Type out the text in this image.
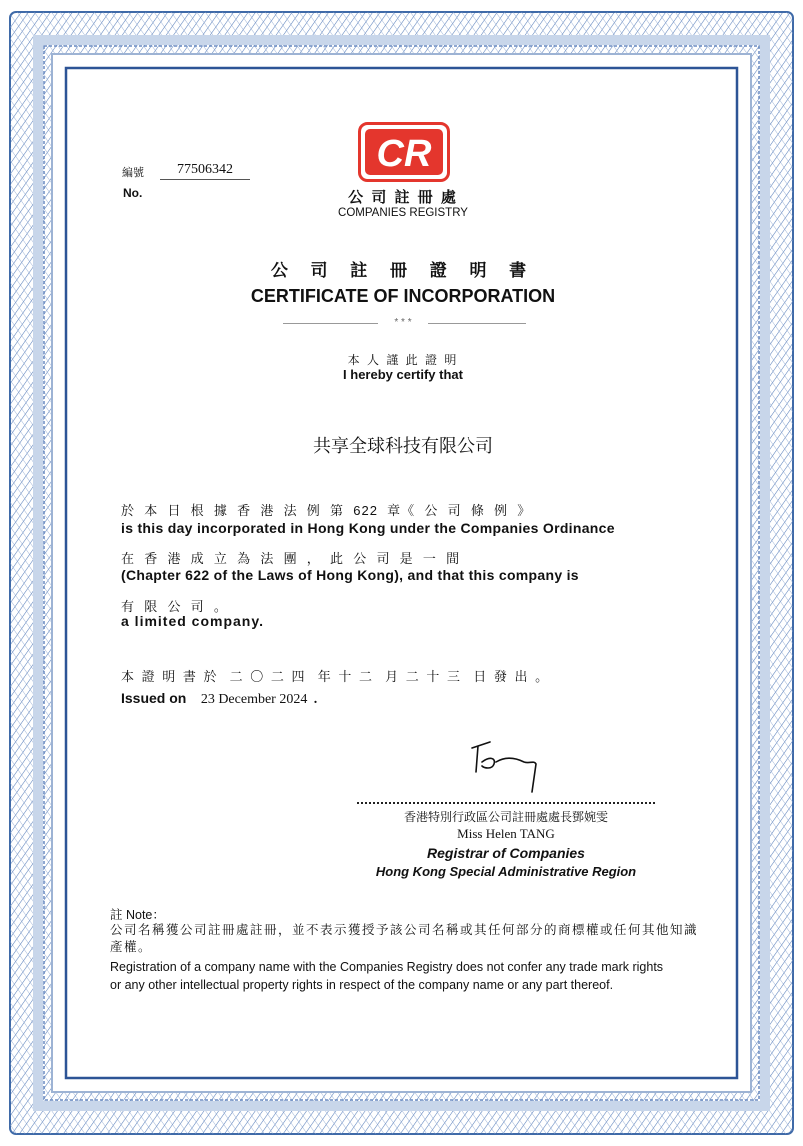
編號
No.
77506342	CR
公 司 註 冊 處
COMPANIES REGISTRY
公 司 註 冊 證 明 書
CERTIFICATE OF INCORPORATION
* * *
本 人 謹 此 證 明
I hereby certify that
共享全球科技有限公司
於  本  日  根  據  香  港  法  例  第  622  章《  公  司  條  例  》
is this day incorporated in Hong Kong under the Companies Ordinance
在  香  港  成  立  為  法  團  ，  此  公  司  是  一  間
(Chapter 622 of the Laws of Hong Kong), and that this company is
有  限  公  司  。
a limited company.
本 證 明 書 於  二 〇 二 四  年 十 二  月 二 十 三  日 發 出 。
Issued on 23 December 2024 .
香港特別行政區公司註冊處處長鄧婉雯
Miss Helen TANG
Registrar of Companies
Hong Kong Special Administrative Region
註 Note：
公司名稱獲公司註冊處註冊，並不表示獲授予該公司名稱或其任何部分的商標權或任何其他知識產權。
Registration of a company name with the Companies Registry does not confer any trade mark rights
or any other intellectual property rights in respect of the company name or any part thereof.
